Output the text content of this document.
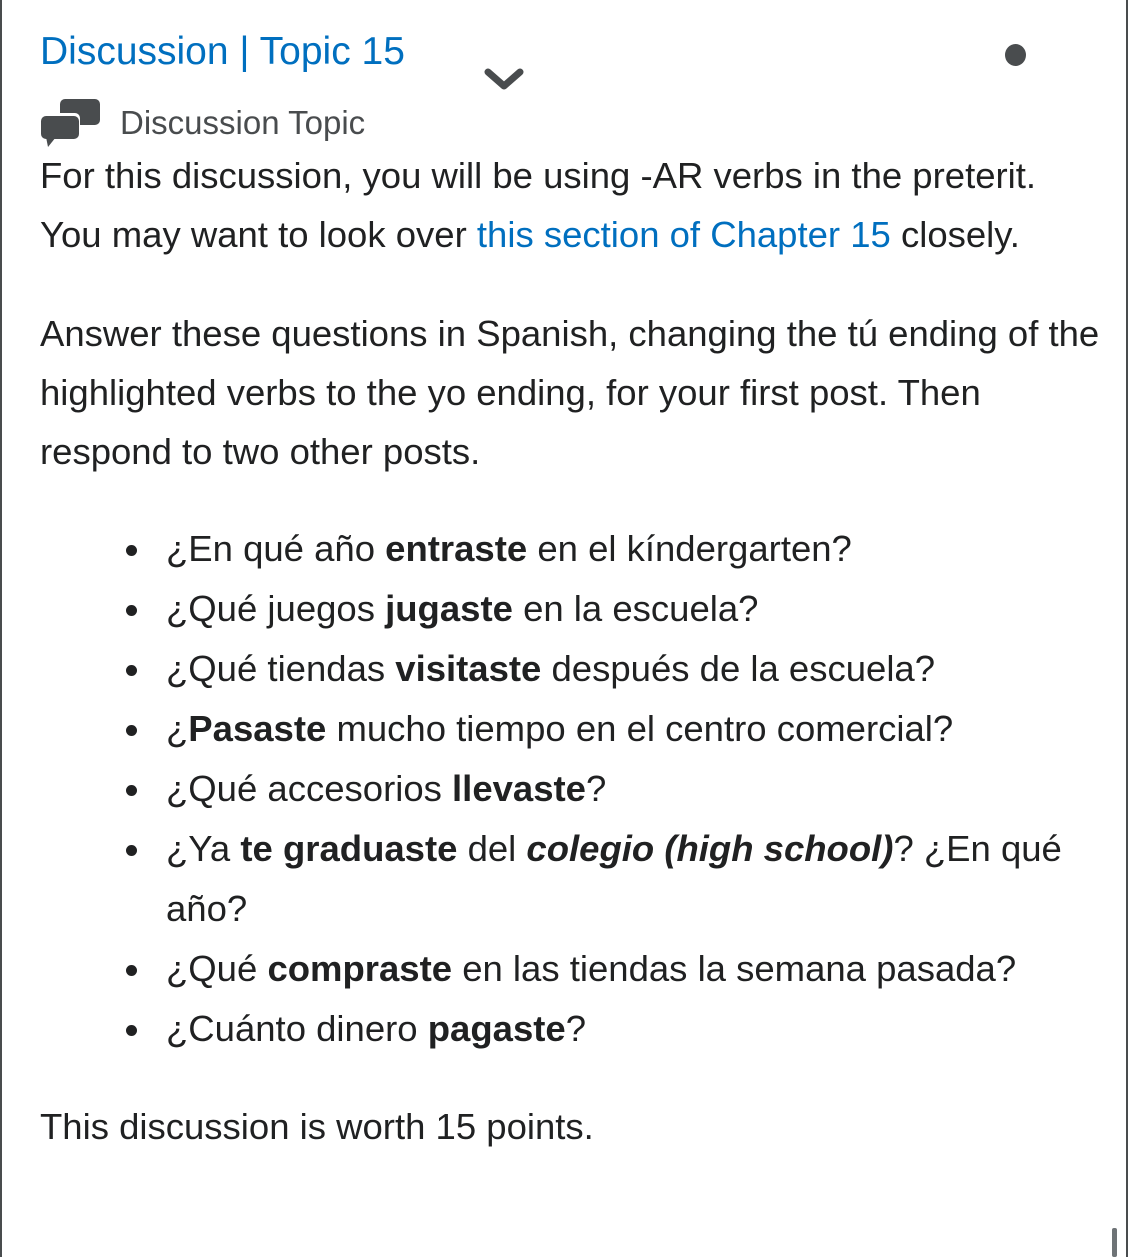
Discussion | Topic 15
Discussion Topic

For this discussion, you will be using -AR verbs in the preterit. You may want to look over this section of Chapter 15 closely.

Answer these questions in Spanish, changing the tú ending of the highlighted verbs to the yo ending, for your first post. Then respond to two other posts.

¿En qué año entraste en el kíndergarten?
¿Qué juegos jugaste en la escuela?
¿Qué tiendas visitaste después de la escuela?
¿Pasaste mucho tiempo en el centro comercial?
¿Qué accesorios llevaste?
¿Ya te graduaste del colegio (high school)? ¿En qué año?
¿Qué compraste en las tiendas la semana pasada?
¿Cuánto dinero pagaste?

This discussion is worth 15 points.
